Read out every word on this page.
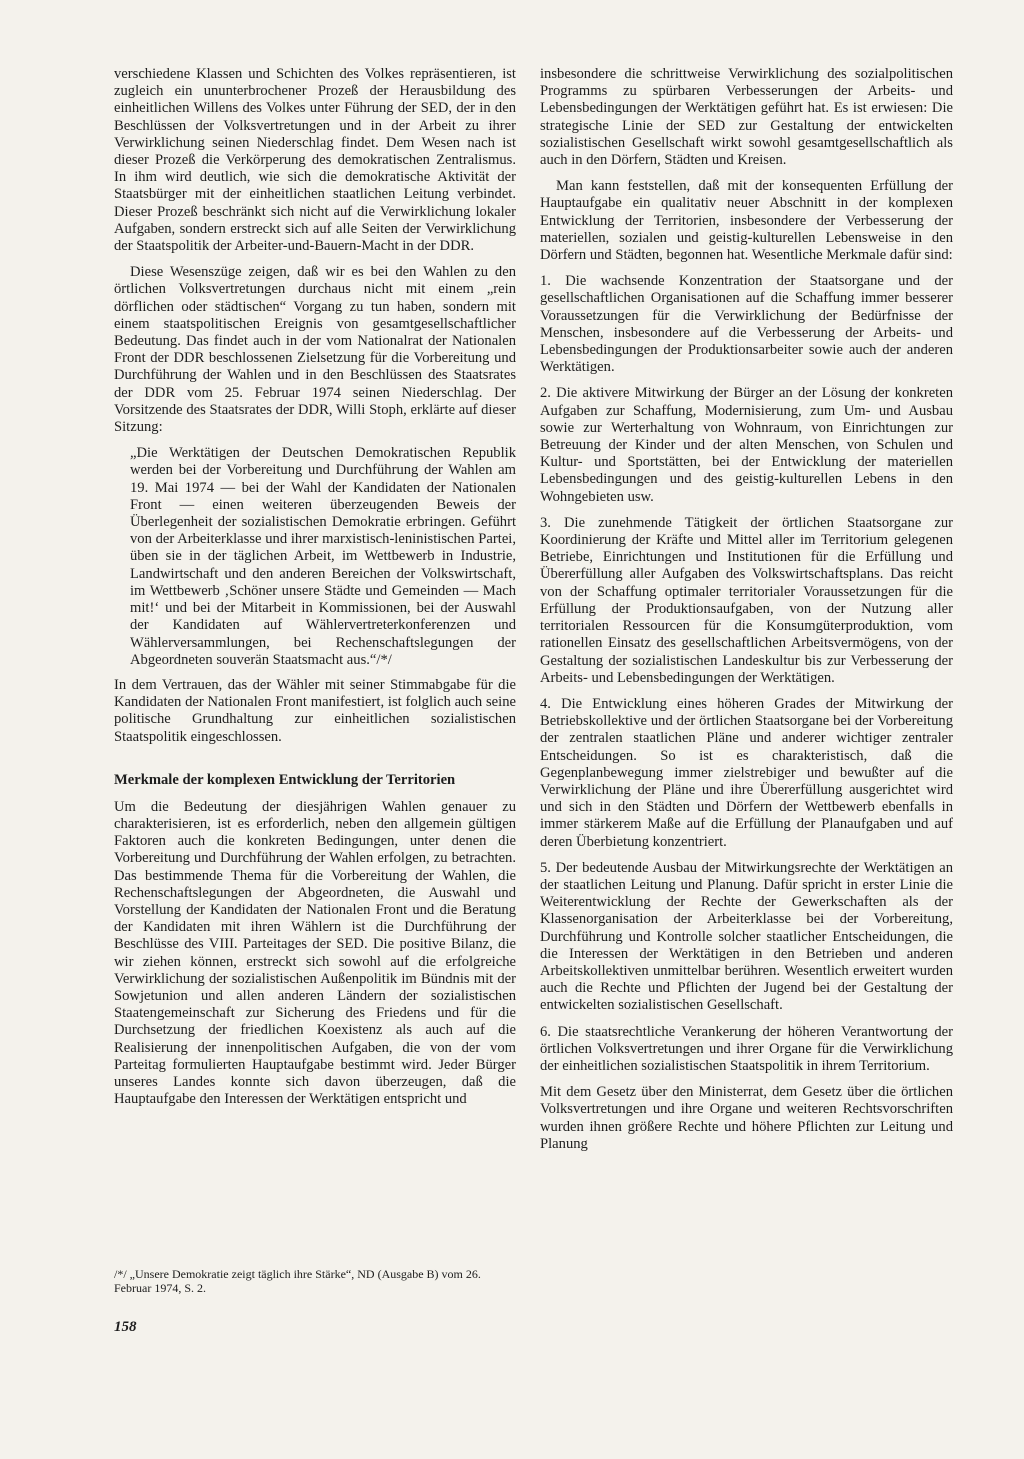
verschiedene Klassen und Schichten des Volkes repräsentieren, ist zugleich ein ununterbrochener Prozeß der Herausbildung des einheitlichen Willens des Volkes unter Führung der SED, der in den Beschlüssen der Volksvertretungen und in der Arbeit zu ihrer Verwirklichung seinen Niederschlag findet. Dem Wesen nach ist dieser Prozeß die Verkörperung des demokratischen Zentralismus. In ihm wird deutlich, wie sich die demokratische Aktivität der Staatsbürger mit der einheitlichen staatlichen Leitung verbindet. Dieser Prozeß beschränkt sich nicht auf die Verwirklichung lokaler Aufgaben, sondern erstreckt sich auf alle Seiten der Verwirklichung der Staatspolitik der Arbeiter-und-Bauern-Macht in der DDR.

Diese Wesenszüge zeigen, daß wir es bei den Wahlen zu den örtlichen Volksvertretungen durchaus nicht mit einem „rein dörflichen oder städtischen“ Vorgang zu tun haben, sondern mit einem staatspolitischen Ereignis von gesamtgesellschaftlicher Bedeutung. Das findet auch in der vom Nationalrat der Nationalen Front der DDR beschlossenen Zielsetzung für die Vorbereitung und Durchführung der Wahlen und in den Beschlüssen des Staatsrates der DDR vom 25. Februar 1974 seinen Niederschlag. Der Vorsitzende des Staatsrates der DDR, Willi Stoph, erklärte auf dieser Sitzung:

„Die Werktätigen der Deutschen Demokratischen Republik werden bei der Vorbereitung und Durchführung der Wahlen am 19. Mai 1974 — bei der Wahl der Kandidaten der Nationalen Front — einen weiteren überzeugenden Beweis der Überlegenheit der sozialistischen Demokratie erbringen. Geführt von der Arbeiterklasse und ihrer marxistisch-leninistischen Partei, üben sie in der täglichen Arbeit, im Wettbewerb in Industrie, Landwirtschaft und den anderen Bereichen der Volkswirtschaft, im Wettbewerb ‚Schöner unsere Städte und Gemeinden — Mach mit!‘ und bei der Mitarbeit in Kommissionen, bei der Auswahl der Kandidaten auf Wählervertreterkonferenzen und Wählerversammlungen, bei Rechenschaftslegungen der Abgeordneten souverän Staatsmacht aus.“/*/

In dem Vertrauen, das der Wähler mit seiner Stimmabgabe für die Kandidaten der Nationalen Front manifestiert, ist folglich auch seine politische Grundhaltung zur einheitlichen sozialistischen Staatspolitik eingeschlossen.

Merkmale der komplexen Entwicklung der Territorien

Um die Bedeutung der diesjährigen Wahlen genauer zu charakterisieren, ist es erforderlich, neben den allgemein gültigen Faktoren auch die konkreten Bedingungen, unter denen die Vorbereitung und Durchführung der Wahlen erfolgen, zu betrachten. Das bestimmende Thema für die Vorbereitung der Wahlen, die Rechenschaftslegungen der Abgeordneten, die Auswahl und Vorstellung der Kandidaten der Nationalen Front und die Beratung der Kandidaten mit ihren Wählern ist die Durchführung der Beschlüsse des VIII. Parteitages der SED. Die positive Bilanz, die wir ziehen können, erstreckt sich sowohl auf die erfolgreiche Verwirklichung der sozialistischen Außenpolitik im Bündnis mit der Sowjetunion und allen anderen Ländern der sozialistischen Staatengemeinschaft zur Sicherung des Friedens und für die Durchsetzung der friedlichen Koexistenz als auch auf die Realisierung der innenpolitischen Aufgaben, die von der vom Parteitag formulierten Hauptaufgabe bestimmt wird. Jeder Bürger unseres Landes konnte sich davon überzeugen, daß die Hauptaufgabe den Interessen der Werktätigen entspricht und

insbesondere die schrittweise Verwirklichung des sozialpolitischen Programms zu spürbaren Verbesserungen der Arbeits- und Lebensbedingungen der Werktätigen geführt hat. Es ist erwiesen: Die strategische Linie der SED zur Gestaltung der entwickelten sozialistischen Gesellschaft wirkt sowohl gesamtgesellschaftlich als auch in den Dörfern, Städten und Kreisen.

Man kann feststellen, daß mit der konsequenten Erfüllung der Hauptaufgabe ein qualitativ neuer Abschnitt in der komplexen Entwicklung der Territorien, insbesondere der Verbesserung der materiellen, sozialen und geistig-kulturellen Lebensweise in den Dörfern und Städten, begonnen hat. Wesentliche Merkmale dafür sind:

1. Die wachsende Konzentration der Staatsorgane und der gesellschaftlichen Organisationen auf die Schaffung immer besserer Voraussetzungen für die Verwirklichung der Bedürfnisse der Menschen, insbesondere auf die Verbesserung der Arbeits- und Lebensbedingungen der Produktionsarbeiter sowie auch der anderen Werktätigen.

2. Die aktivere Mitwirkung der Bürger an der Lösung der konkreten Aufgaben zur Schaffung, Modernisierung, zum Um- und Ausbau sowie zur Werterhaltung von Wohnraum, von Einrichtungen zur Betreuung der Kinder und der alten Menschen, von Schulen und Kultur- und Sportstätten, bei der Entwicklung der materiellen Lebensbedingungen und des geistig-kulturellen Lebens in den Wohngebieten usw.

3. Die zunehmende Tätigkeit der örtlichen Staatsorgane zur Koordinierung der Kräfte und Mittel aller im Territorium gelegenen Betriebe, Einrichtungen und Institutionen für die Erfüllung und Übererfüllung aller Aufgaben des Volkswirtschaftsplans. Das reicht von der Schaffung optimaler territorialer Voraussetzungen für die Erfüllung der Produktionsaufgaben, von der Nutzung aller territorialen Ressourcen für die Konsumgüterproduktion, vom rationellen Einsatz des gesellschaftlichen Arbeitsvermögens, von der Gestaltung der sozialistischen Landeskultur bis zur Verbesserung der Arbeits- und Lebensbedingungen der Werktätigen.

4. Die Entwicklung eines höheren Grades der Mitwirkung der Betriebskollektive und der örtlichen Staatsorgane bei der Vorbereitung der zentralen staatlichen Pläne und anderer wichtiger zentraler Entscheidungen. So ist es charakteristisch, daß die Gegenplanbewegung immer zielstrebiger und bewußter auf die Verwirklichung der Pläne und ihre Übererfüllung ausgerichtet wird und sich in den Städten und Dörfern der Wettbewerb ebenfalls in immer stärkerem Maße auf die Erfüllung der Planaufgaben und auf deren Überbietung konzentriert.

5. Der bedeutende Ausbau der Mitwirkungsrechte der Werktätigen an der staatlichen Leitung und Planung. Dafür spricht in erster Linie die Weiterentwicklung der Rechte der Gewerkschaften als der Klassenorganisation der Arbeiterklasse bei der Vorbereitung, Durchführung und Kontrolle solcher staatlicher Entscheidungen, die die Interessen der Werktätigen in den Betrieben und anderen Arbeitskollektiven unmittelbar berühren. Wesentlich erweitert wurden auch die Rechte und Pflichten der Jugend bei der Gestaltung der entwickelten sozialistischen Gesellschaft.

6. Die staatsrechtliche Verankerung der höheren Verantwortung der örtlichen Volksvertretungen und ihrer Organe für die Verwirklichung der einheitlichen sozialistischen Staatspolitik in ihrem Territorium.

Mit dem Gesetz über den Ministerrat, dem Gesetz über die örtlichen Volksvertretungen und ihre Organe und weiteren Rechtsvorschriften wurden ihnen größere Rechte und höhere Pflichten zur Leitung und Planung

/*/ „Unsere Demokratie zeigt täglich ihre Stärke“, ND (Ausgabe B) vom 26. Februar 1974, S. 2.
158
